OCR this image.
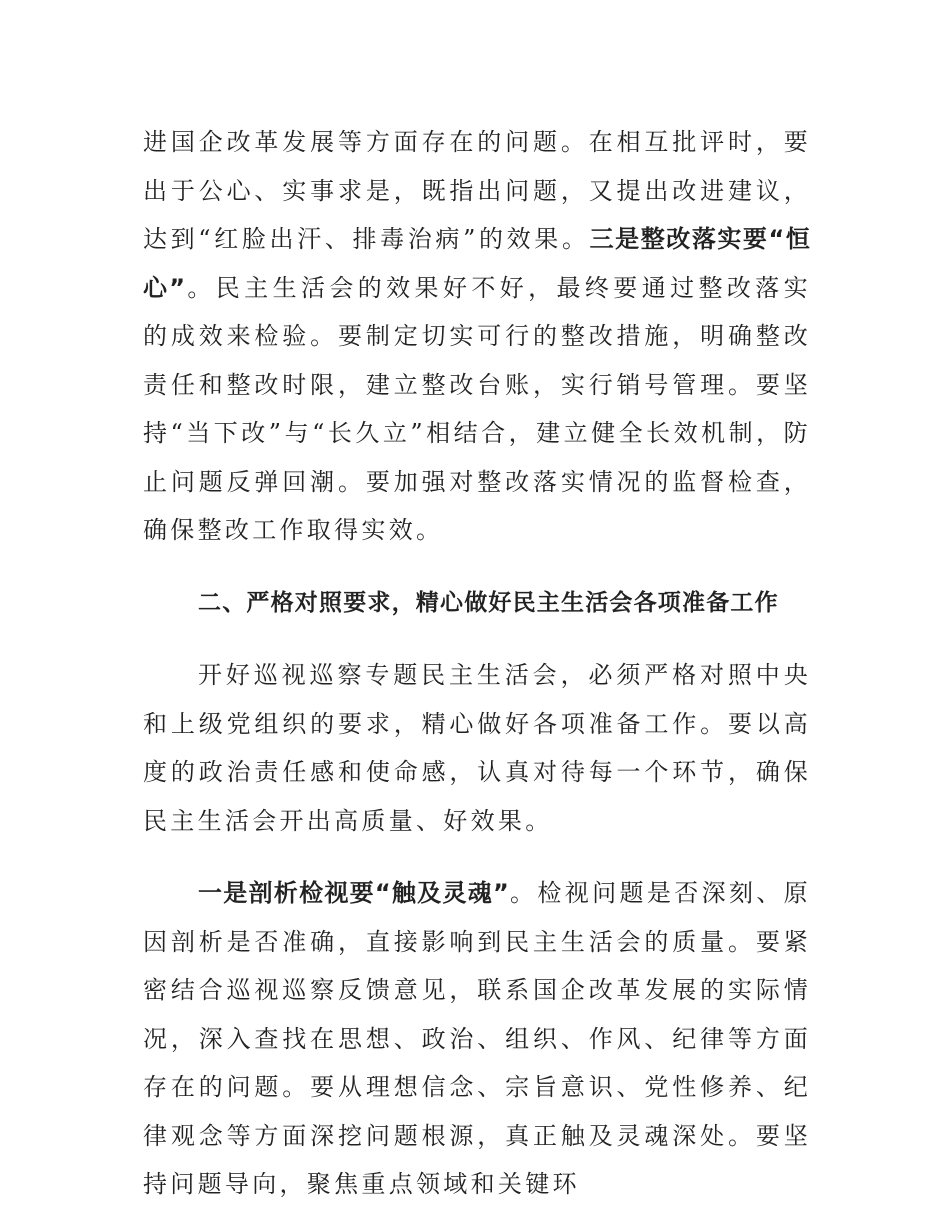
进国企改革发展等方面存在的问题。在相互批评时，要出于公心、实事求是，既指出问题，又提出改进建议，达到“红脸出汗、排毒治病”的效果。三是整改落实要“恒心”。民主生活会的效果好不好，最终要通过整改落实的成效来检验。要制定切实可行的整改措施，明确整改责任和整改时限，建立整改台账，实行销号管理。要坚持“当下改”与“长久立”相结合，建立健全长效机制，防止问题反弹回潮。要加强对整改落实情况的监督检查，确保整改工作取得实效。

二、严格对照要求，精心做好民主生活会各项准备工作

开好巡视巡察专题民主生活会，必须严格对照中央和上级党组织的要求，精心做好各项准备工作。要以高度的政治责任感和使命感，认真对待每一个环节，确保民主生活会开出高质量、好效果。

一是剖析检视要“触及灵魂”。检视问题是否深刻、原因剖析是否准确，直接影响到民主生活会的质量。要紧密结合巡视巡察反馈意见，联系国企改革发展的实际情况，深入查找在思想、政治、组织、作风、纪律等方面存在的问题。要从理想信念、宗旨意识、党性修养、纪律观念等方面深挖问题根源，真正触及灵魂深处。要坚持问题导向，聚焦重点领域和关键环
